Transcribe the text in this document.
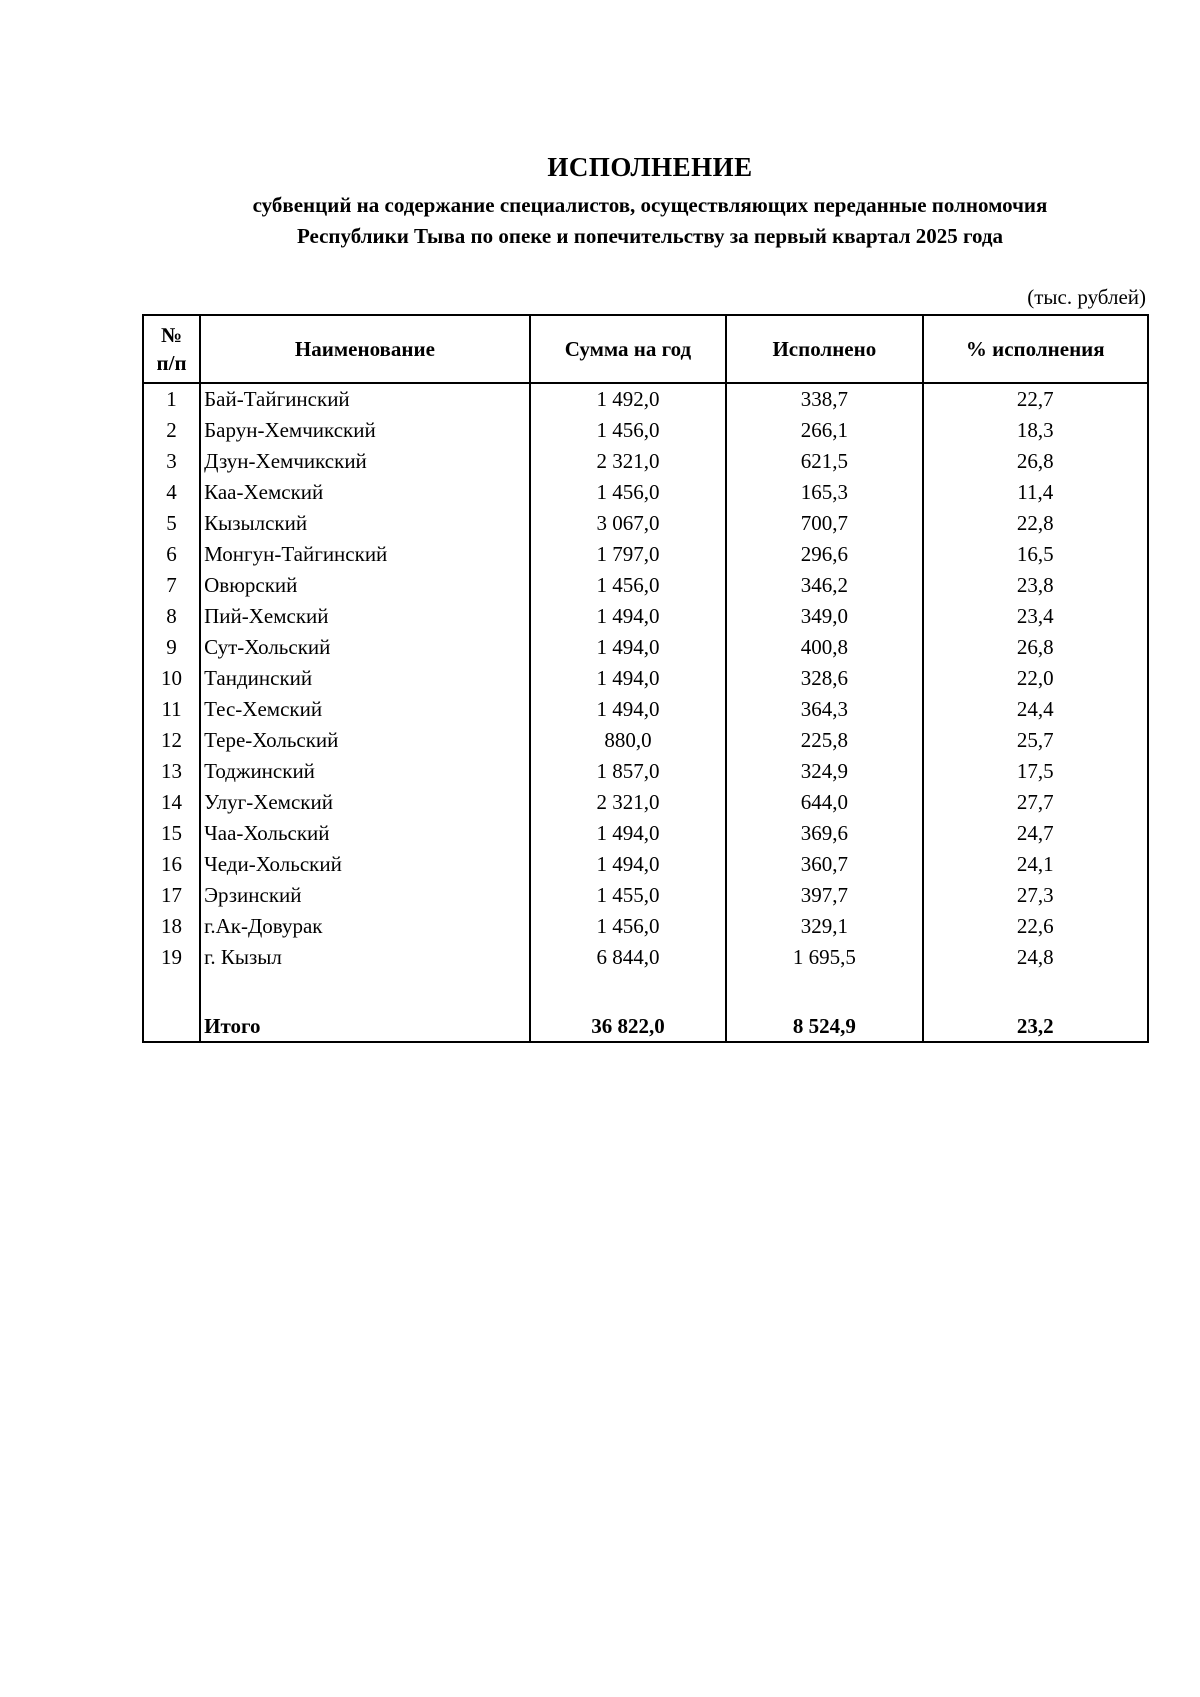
ИСПОЛНЕНИЕ
субвенций на содержание специалистов, осуществляющих переданные полномочия
Республики Тыва по опеке и попечительству за первый квартал 2025 года
(тыс. рублей)
№
п/п	Наименование	Сумма на год	Исполнено	% исполнения
1	Бай-Тайгинский	1 492,0	338,7	22,7
2	Барун-Хемчикский	1 456,0	266,1	18,3
3	Дзун-Хемчикский	2 321,0	621,5	26,8
4	Каа-Хемский	1 456,0	165,3	11,4
5	Кызылский	3 067,0	700,7	22,8
6	Монгун-Тайгинский	1 797,0	296,6	16,5
7	Овюрский	1 456,0	346,2	23,8
8	Пий-Хемский	1 494,0	349,0	23,4
9	Сут-Хольский	1 494,0	400,8	26,8
10	Тандинский	1 494,0	328,6	22,0
11	Тес-Хемский	1 494,0	364,3	24,4
12	Тере-Хольский	880,0	225,8	25,7
13	Тоджинский	1 857,0	324,9	17,5
14	Улуг-Хемский	2 321,0	644,0	27,7
15	Чаа-Хольский	1 494,0	369,6	24,7
16	Чеди-Хольский	1 494,0	360,7	24,1
17	Эрзинский	1 455,0	397,7	27,3
18	г.Ак-Довурак	1 456,0	329,1	22,6
19	г. Кызыл	6 844,0	1 695,5	24,8

	Итого	36 822,0	8 524,9	23,2
